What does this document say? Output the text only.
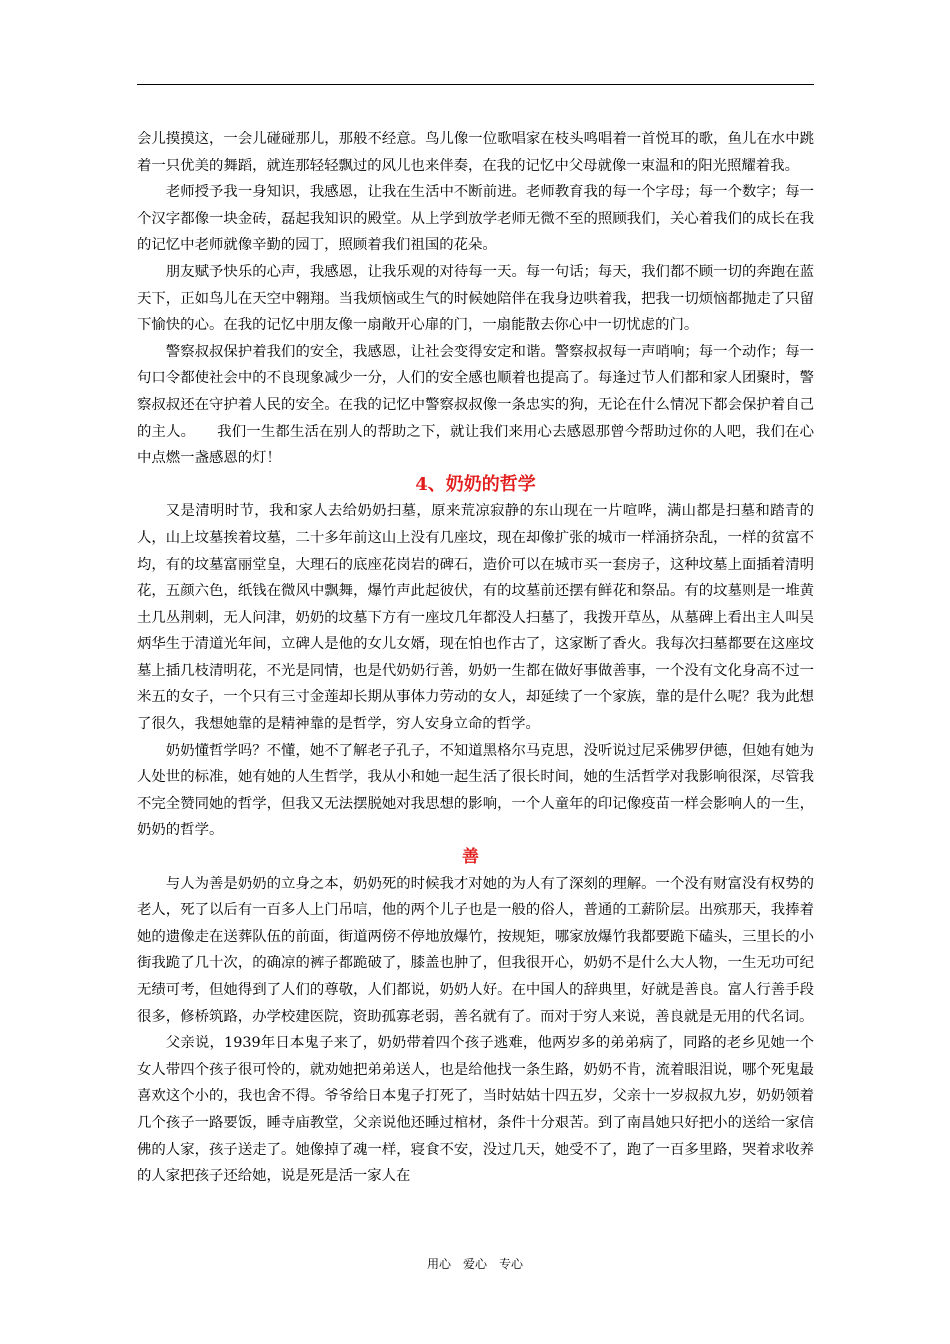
会儿摸摸这，一会儿碰碰那儿，那般不经意。鸟儿像一位歌唱家在枝头鸣唱着一首悦耳的歌，鱼儿在水中跳着一只优美的舞蹈，就连那轻轻飘过的风儿也来伴奏，在我的记忆中父母就像一束温和的阳光照耀着我。

老师授予我一身知识，我感恩，让我在生活中不断前进。老师教育我的每一个字母；每一个数字；每一个汉字都像一块金砖，磊起我知识的殿堂。从上学到放学老师无微不至的照顾我们，关心着我们的成长在我的记忆中老师就像辛勤的园丁，照顾着我们祖国的花朵。

朋友赋予快乐的心声，我感恩，让我乐观的对待每一天。每一句话；每天，我们都不顾一切的奔跑在蓝天下，正如鸟儿在天空中翱翔。当我烦恼或生气的时候她陪伴在我身边哄着我，把我一切烦恼都抛走了只留下愉快的心。在我的记忆中朋友像一扇敞开心扉的门，一扇能散去你心中一切忧虑的门。

警察叔叔保护着我们的安全，我感恩，让社会变得安定和谐。警察叔叔每一声哨响；每一个动作；每一句口令都使社会中的不良现象减少一分，人们的安全感也顺着也提高了。每逢过节人们都和家人团聚时，警察叔叔还在守护着人民的安全。在我的记忆中警察叔叔像一条忠实的狗，无论在什么情况下都会保护着自己的主人。　　我们一生都生活在别人的帮助之下，就让我们来用心去感恩那曾今帮助过你的人吧，我们在心中点燃一盏感恩的灯！

4、奶奶的哲学

又是清明时节，我和家人去给奶奶扫墓，原来荒凉寂静的东山现在一片喧哗，满山都是扫墓和踏青的人，山上坟墓挨着坟墓，二十多年前这山上没有几座坟，现在却像扩张的城市一样涌挤杂乱，一样的贫富不均，有的坟墓富丽堂皇，大理石的底座花岗岩的碑石，造价可以在城市买一套房子，这种坟墓上面插着清明花，五颜六色，纸钱在微风中飘舞，爆竹声此起彼伏，有的坟墓前还摆有鲜花和祭品。有的坟墓则是一堆黄土几丛荆刺，无人问津，奶奶的坟墓下方有一座坟几年都没人扫墓了，我拨开草丛，从墓碑上看出主人叫吴炳华生于清道光年间，立碑人是他的女儿女婿，现在怕也作古了，这家断了香火。我每次扫墓都要在这座坟墓上插几枝清明花，不光是同情，也是代奶奶行善，奶奶一生都在做好事做善事，一个没有文化身高不过一米五的女子，一个只有三寸金莲却长期从事体力劳动的女人，却延续了一个家族，靠的是什么呢？我为此想了很久，我想她靠的是精神靠的是哲学，穷人安身立命的哲学。

奶奶懂哲学吗？不懂，她不了解老子孔子，不知道黑格尔马克思，没听说过尼采佛罗伊德，但她有她为人处世的标准，她有她的人生哲学，我从小和她一起生活了很长时间，她的生活哲学对我影响很深，尽管我不完全赞同她的哲学，但我又无法摆脱她对我思想的影响，一个人童年的印记像疫苗一样会影响人的一生，奶奶的哲学。

善

与人为善是奶奶的立身之本，奶奶死的时候我才对她的为人有了深刻的理解。一个没有财富没有权势的老人，死了以后有一百多人上门吊唁，他的两个儿子也是一般的俗人，普通的工薪阶层。出殡那天，我捧着她的遗像走在送葬队伍的前面，街道两傍不停地放爆竹，按规矩，哪家放爆竹我都要跪下磕头，三里长的小街我跪了几十次，的确凉的裤子都跪破了，膝盖也肿了，但我很开心，奶奶不是什么大人物，一生无功可纪无绩可考，但她得到了人们的尊敬，人们都说，奶奶人好。在中国人的辞典里，好就是善良。富人行善手段很多，修桥筑路，办学校建医院，资助孤寡老弱，善名就有了。而对于穷人来说，善良就是无用的代名词。

父亲说，1939年日本鬼子来了，奶奶带着四个孩子逃难，他两岁多的弟弟病了，同路的老乡见她一个女人带四个孩子很可怜的，就劝她把弟弟送人，也是给他找一条生路，奶奶不肯，流着眼泪说，哪个死鬼最喜欢这个小的，我也舍不得。爷爷给日本鬼子打死了，当时姑姑十四五岁，父亲十一岁叔叔九岁，奶奶领着几个孩子一路要饭，睡寺庙教堂，父亲说他还睡过棺材，条件十分艰苦。到了南昌她只好把小的送给一家信佛的人家，孩子送走了。她像掉了魂一样，寝食不安，没过几天，她受不了，跑了一百多里路，哭着求收养的人家把孩子还给她，说是死是活一家人在

用心　爱心　专心
